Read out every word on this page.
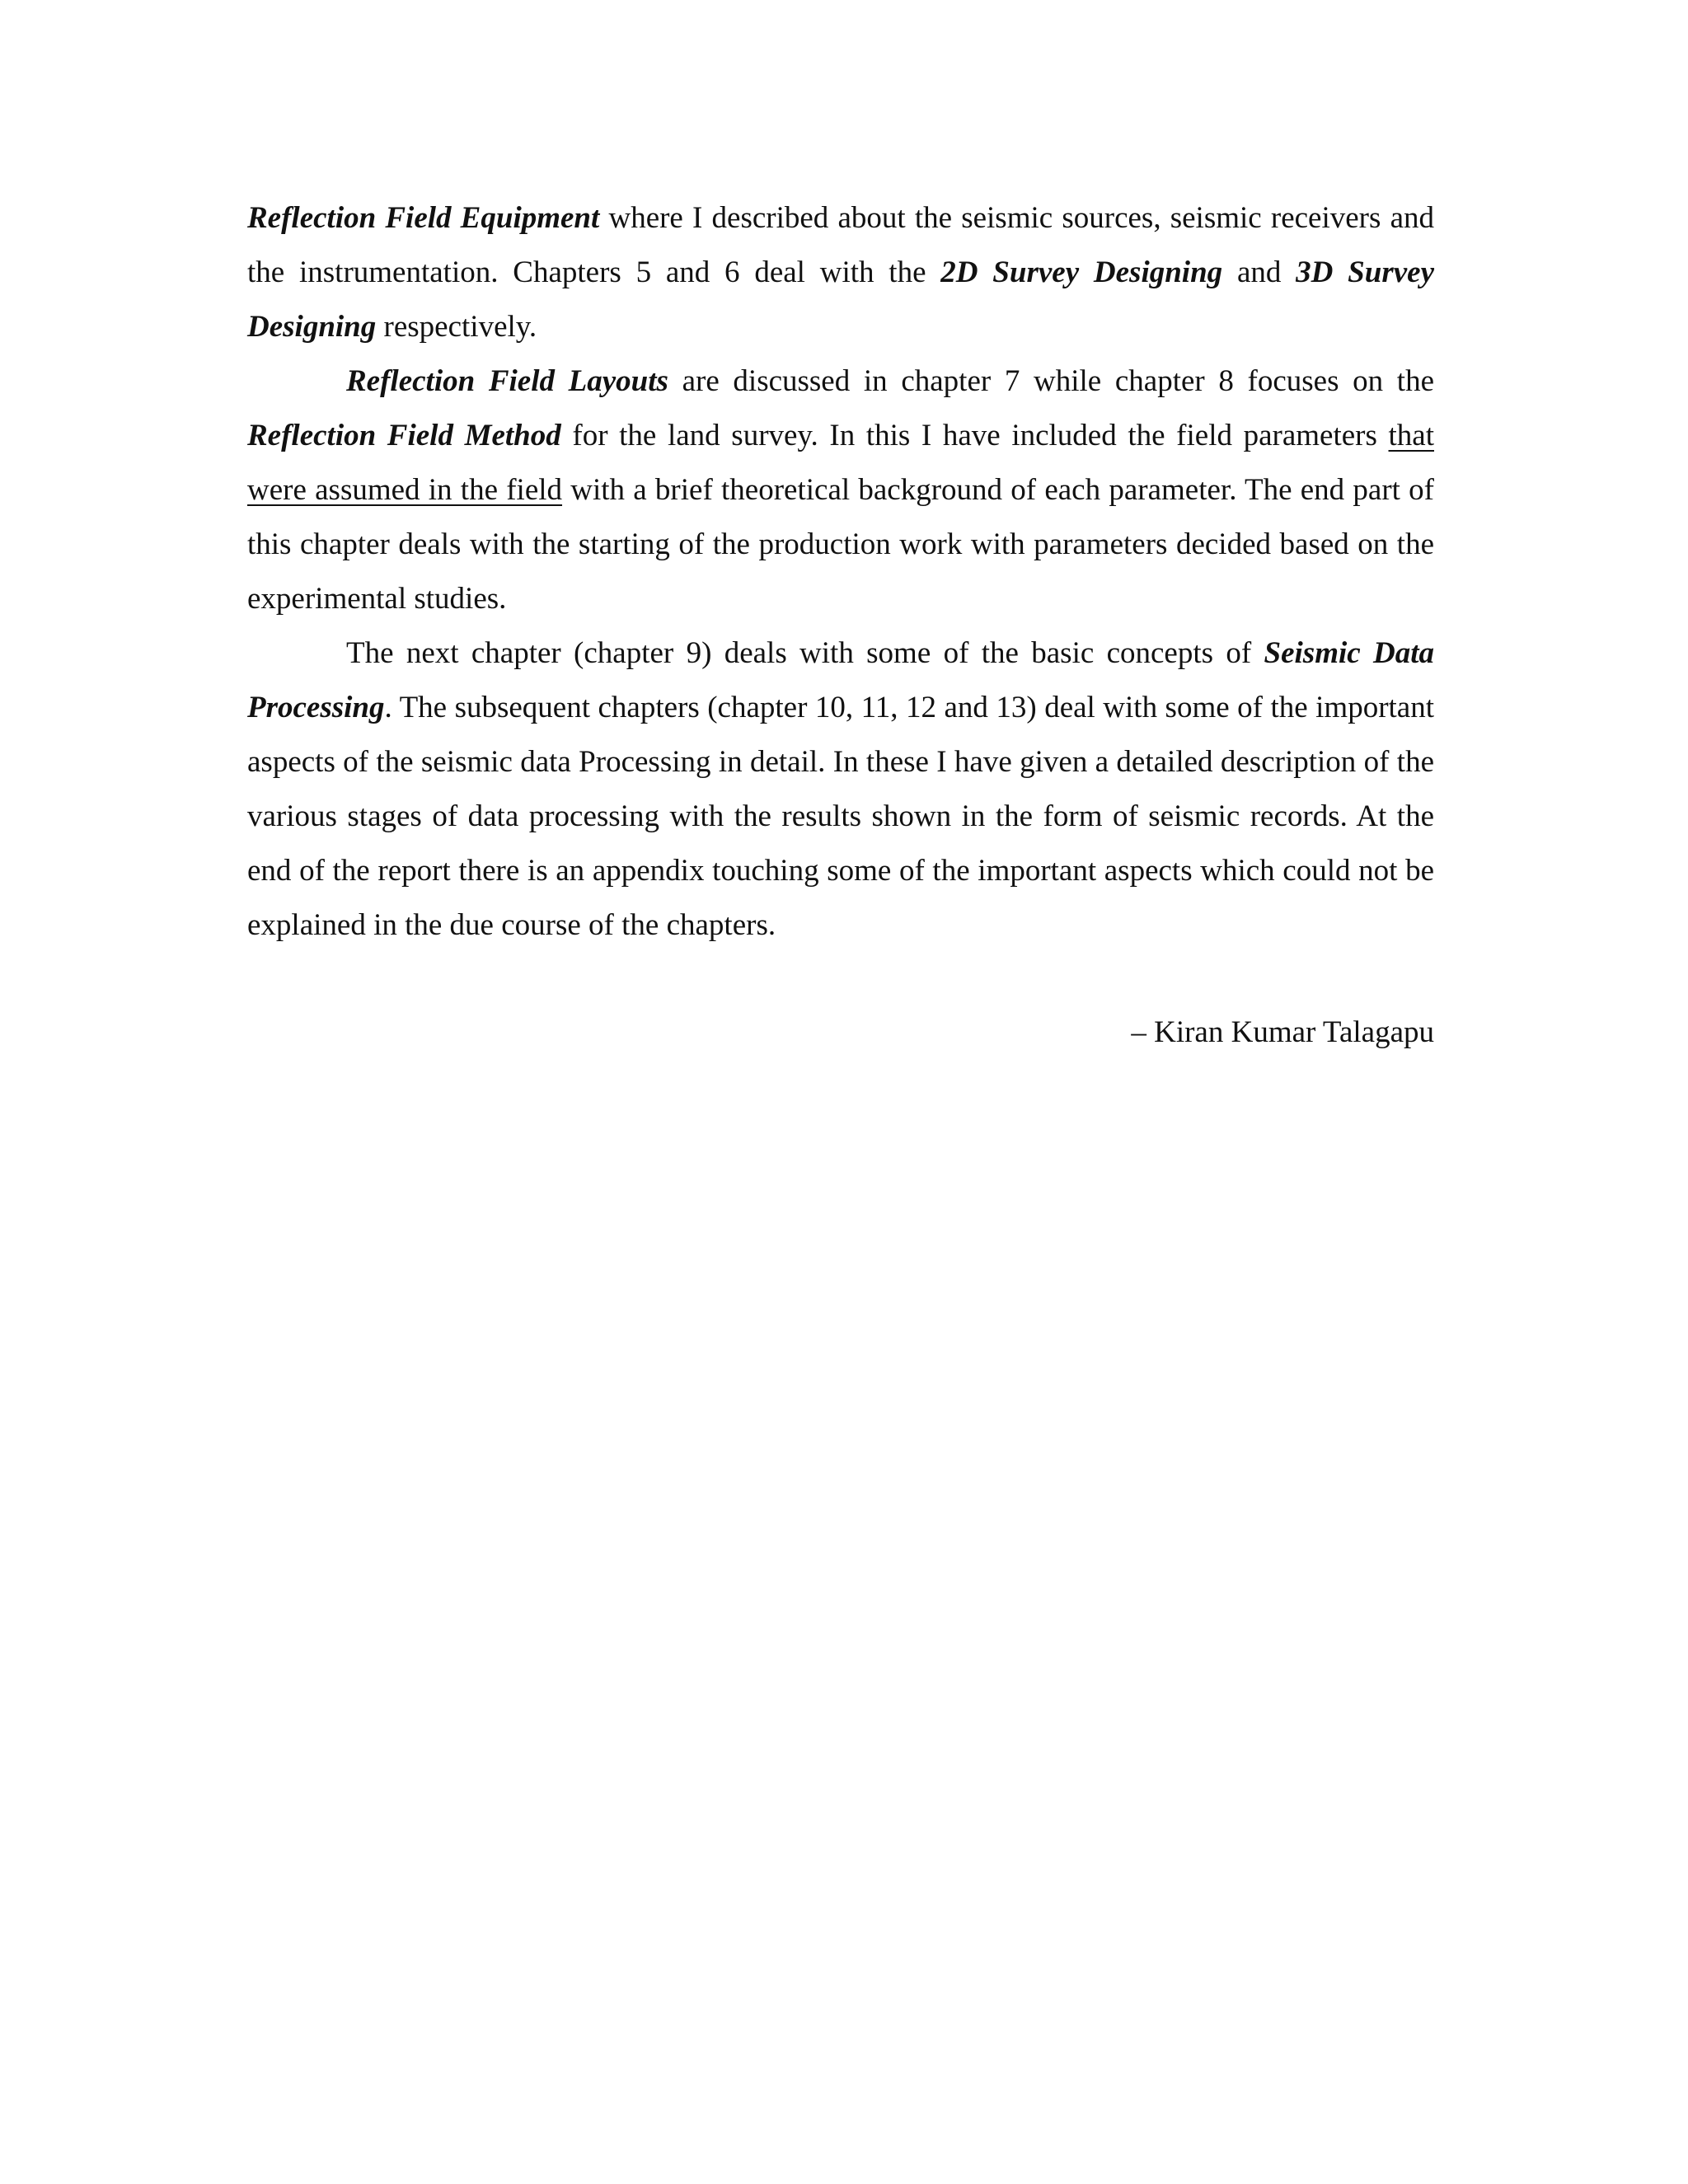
Reflection Field Equipment where I described about the seismic sources, seismic receivers and the instrumentation. Chapters 5 and 6 deal with the 2D Survey Designing and 3D Survey Designing respectively.

Reflection Field Layouts are discussed in chapter 7 while chapter 8 focuses on the Reflection Field Method for the land survey. In this I have included the field parameters that were assumed in the field with a brief theoretical background of each parameter. The end part of this chapter deals with the starting of the production work with parameters decided based on the experimental studies.

The next chapter (chapter 9) deals with some of the basic concepts of Seismic Data Processing. The subsequent chapters (chapter 10, 11, 12 and 13) deal with some of the important aspects of the seismic data Processing in detail. In these I have given a detailed description of the various stages of data processing with the results shown in the form of seismic records. At the end of the report there is an appendix touching some of the important aspects which could not be explained in the due course of the chapters.

– Kiran Kumar Talagapu
